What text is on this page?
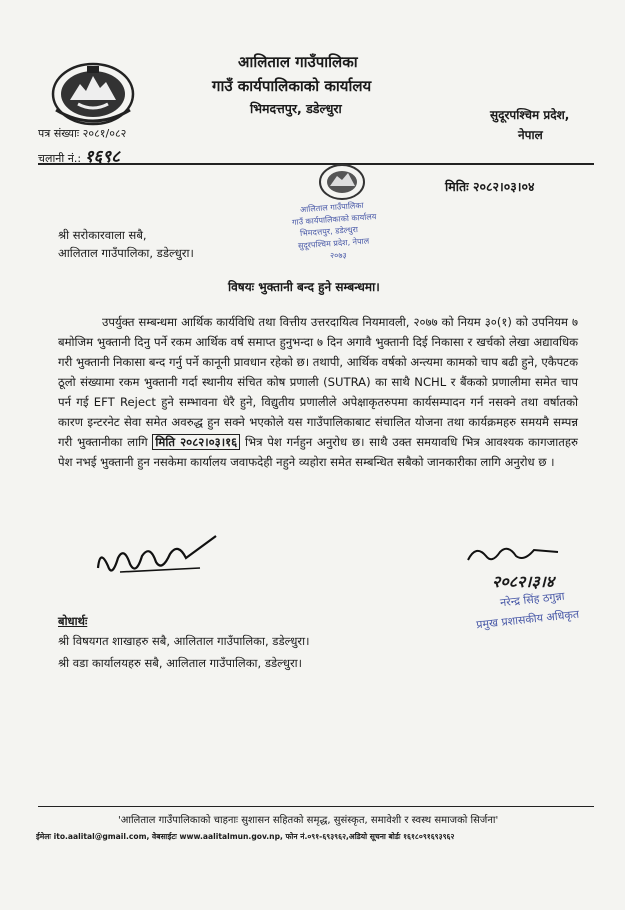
आलिताल गाउँपालिका
गाउँ कार्यपालिकाको कार्यालय
भिमदत्तपुर, डडेल्धुरा	सुदूरपश्चिम प्रदेश,
नेपाल
पत्र संख्याः २०८१/०८२
चलानी नं.: १६९८
आलिताल गाउँपालिका
गाउँ कार्यपालिकाको कार्यालय
भिमदत्तपुर, डडेल्धुरा
सुदूरपश्चिम प्रदेश, नेपाल
२०७३
मितिः २०८२।०३।०४
श्री सरोकारवाला सबै,
आलिताल गाउँपालिका, डडेल्धुरा।
विषयः भुक्तानी बन्द हुने सम्बन्धमा।
उपर्युक्त सम्बन्धमा आर्थिक कार्यविधि तथा वित्तीय उत्तरदायित्व नियमावली, २०७७ को नियम ३०(१) को उपनियम ७ बमोजिम भुक्तानी दिनु पर्ने रकम आर्थिक वर्ष समाप्त हुनुभन्दा ७ दिन अगावै भुक्तानी दिई निकासा र खर्चको लेखा अद्यावधिक गरी भुक्तानी निकासा बन्द गर्नु पर्ने कानूनी प्रावधान रहेको छ। तथापी, आर्थिक वर्षको अन्त्यमा कामको चाप बढी हुने, एकैपटक ठूलो संख्यामा रकम भुक्तानी गर्दा स्थानीय संचित कोष प्रणाली (SUTRA) का साथै NCHL र बैंकको प्रणालीमा समेत चाप पर्न गई EFT Reject हुने सम्भावना धेरै हुने, विद्युतीय प्रणालीले अपेक्षाकृतरुपमा कार्यसम्पादन गर्न नसक्ने तथा वर्षातको कारण इन्टरनेट सेवा समेत अवरुद्ध हुन सक्ने भएकोले यस गाउँपालिकाबाट संचालित योजना तथा कार्यक्रमहरु समयमै सम्पन्न गरी भुक्तानीका लागि मिति २०८२।०३।१६ भित्र पेश गर्नहुन अनुरोध छ। साथै उक्त समयावधि भित्र आवश्यक कागजातहरु पेश नभई भुक्तानी हुन नसकेमा कार्यालय जवाफदेही नहुने व्यहोरा समेत सम्बन्धित सबैको जानकारीका लागि अनुरोध छ ।
२०८२।३।४
नरेन्द्र सिंह ठगुन्ना
प्रमुख प्रशासकीय अधिकृत
बोधार्थः
श्री विषयगत शाखाहरु सबै, आलिताल गाउँपालिका, डडेल्धुरा।
श्री वडा कार्यालयहरु सबै, आलिताल गाउँपालिका, डडेल्धुरा।
'आलिताल गाउँपालिकाको चाहनाः सुशासन सहितको समृद्ध, सुसंस्कृत, समावेशी र स्वस्थ समाजको सिर्जना'
ईमेलः ito.aalital@gmail.com, वेबसाईटः www.aalitalmun.gov.np, फोन नं.०९१-६९३९६२,अडियो सूचना बोर्डः १६१८०९१६९३९६२
